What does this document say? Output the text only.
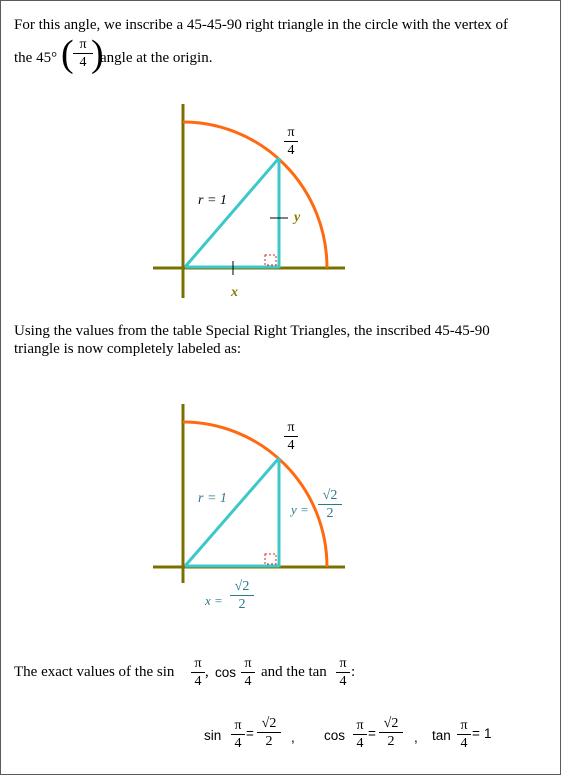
For this angle, we inscribe a 45-45-90 right triangle in the circle with the vertex of
the 45° ( π
4 )
angle at the origin.
π
4
r = 1
y
x
Using the values from the table Special Right Triangles, the inscribed 45-45-90
triangle is now completely labeled as:
π
4
r = 1
y =
√2
2
x =
√2
2
The exact values of the sin
π
4
, cos
π
4
and the tan
π
4
:
sin
π
4
=
√2
2	, cos
π
4
=
√2
2	, tan
π
4
= 1
